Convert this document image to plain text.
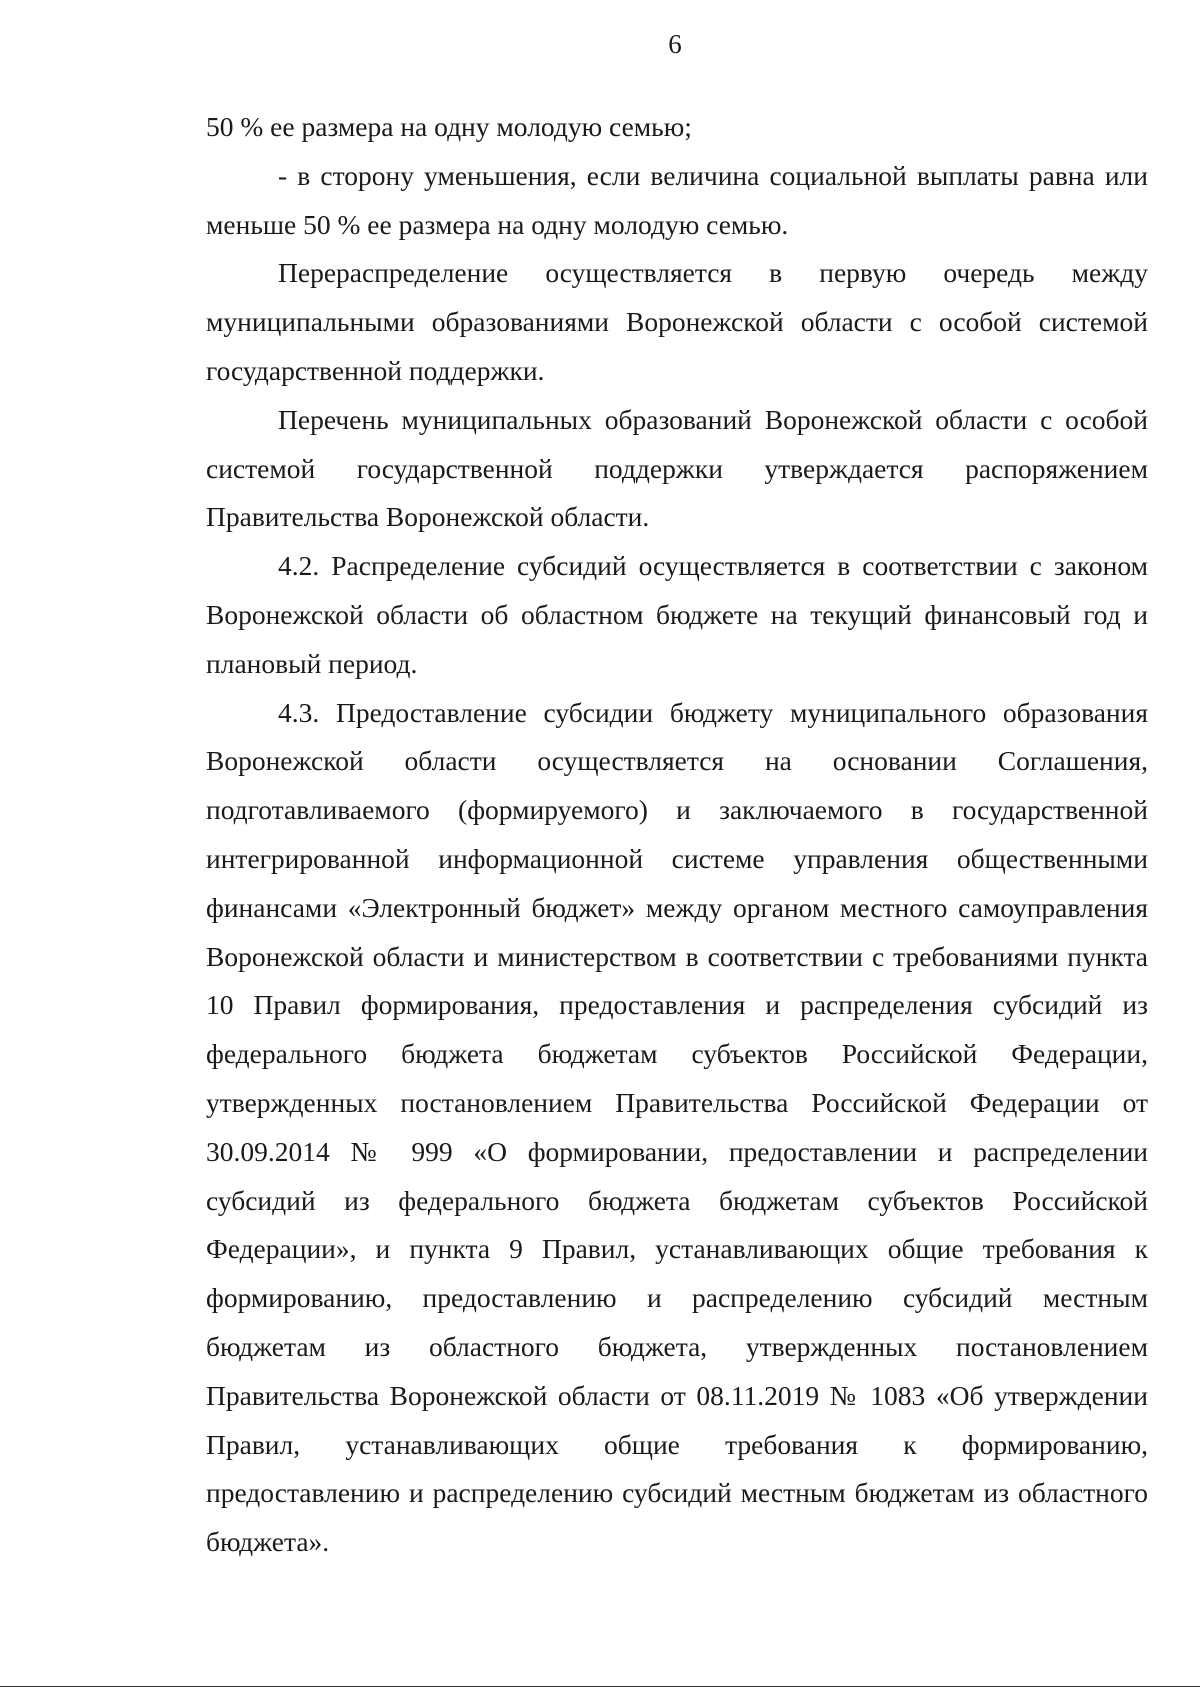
6

50 % ее размера на одну молодую семью;

- в сторону уменьшения, если величина социальной выплаты равна или меньше 50 % ее размера на одну молодую семью.

Перераспределение осуществляется в первую очередь между муниципальными образованиями Воронежской области с особой системой государственной поддержки.

Перечень муниципальных образований Воронежской области с особой системой государственной поддержки утверждается распоряжением Правительства Воронежской области.

4.2. Распределение субсидий осуществляется в соответствии с законом Воронежской области об областном бюджете на текущий финансовый год и плановый период.

4.3. Предоставление субсидии бюджету муниципального образования Воронежской области осуществляется на основании Соглашения, подготавливаемого (формируемого) и заключаемого в государственной интегрированной информационной системе управления общественными финансами «Электронный бюджет» между органом местного самоуправления Воронежской области и министерством в соответствии с требованиями пункта 10 Правил формирования, предоставления и распределения субсидий из федерального бюджета бюджетам субъектов Российской Федерации, утвержденных постановлением Правительства Российской Федерации от 30.09.2014 № 999 «О формировании, предоставлении и распределении субсидий из федерального бюджета бюджетам субъектов Российской Федерации», и пункта 9 Правил, устанавливающих общие требования к формированию, предоставлению и распределению субсидий местным бюджетам из областного бюджета, утвержденных постановлением Правительства Воронежской области от 08.11.2019 № 1083 «Об утверждении Правил, устанавливающих общие требования к формированию, предоставлению и распределению субсидий местным бюджетам из областного бюджета».
